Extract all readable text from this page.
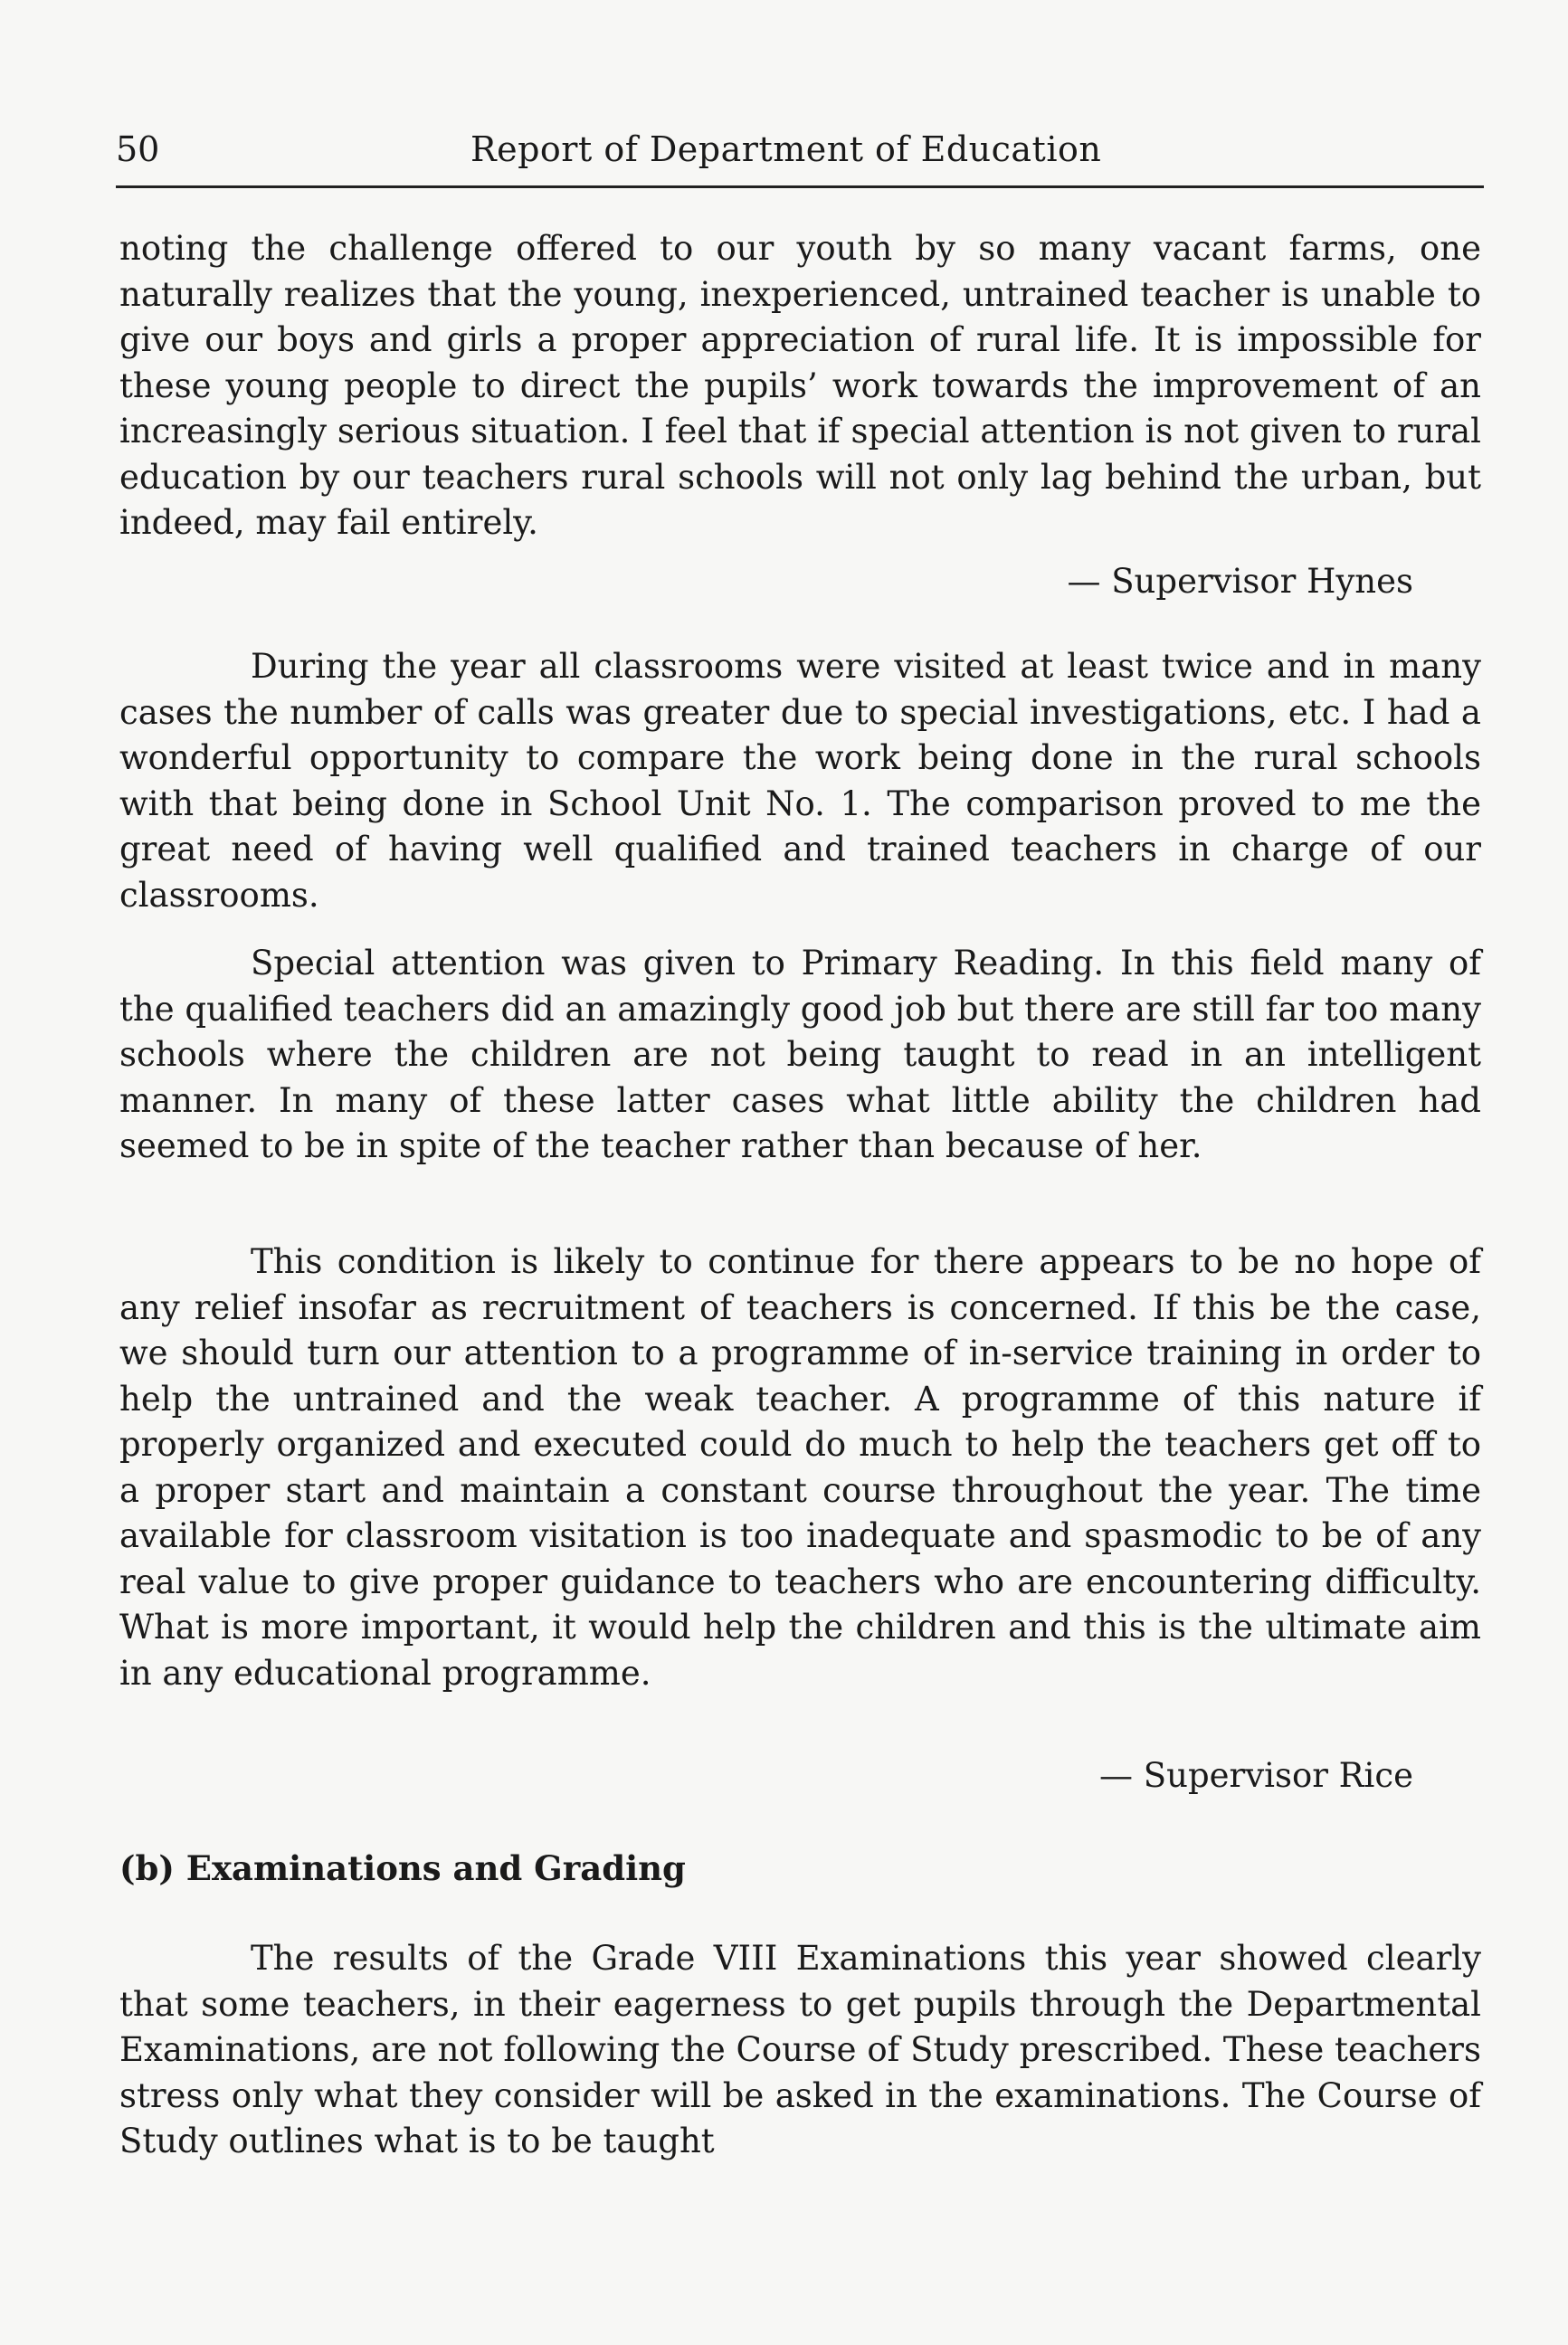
50	Report of Department of Education

noting the challenge offered to our youth by so many vacant farms, one naturally realizes that the young, inexperienced, untrained teacher is unable to give our boys and girls a proper appreciation of rural life. It is impossible for these young people to direct the pupils’ work towards the improvement of an increasingly serious situation. I feel that if special attention is not given to rural education by our teachers rural schools will not only lag behind the urban, but indeed, may fail entirely.

— Supervisor Hynes

During the year all classrooms were visited at least twice and in many cases the number of calls was greater due to special investigations, etc. I had a wonderful opportunity to compare the work being done in the rural schools with that being done in School Unit No. 1. The comparison proved to me the great need of having well qualified and trained teachers in charge of our classrooms.

Special attention was given to Primary Reading. In this field many of the qualified teachers did an amazingly good job but there are still far too many schools where the children are not being taught to read in an intelligent manner. In many of these latter cases what little ability the children had seemed to be in spite of the teacher rather than because of her.

This condition is likely to continue for there appears to be no hope of any relief insofar as recruitment of teachers is concerned. If this be the case, we should turn our attention to a programme of in-service training in order to help the untrained and the weak teacher. A programme of this nature if properly organized and executed could do much to help the teachers get off to a proper start and maintain a constant course throughout the year. The time available for classroom visitation is too inadequate and spasmodic to be of any real value to give proper guidance to teachers who are encountering difficulty. What is more important, it would help the children and this is the ultimate aim in any educational programme.

— Supervisor Rice
(b) Examinations and Grading

The results of the Grade VIII Examinations this year showed clearly that some teachers, in their eagerness to get pupils through the Departmental Examinations, are not following the Course of Study prescribed. These teachers stress only what they consider will be asked in the examinations. The Course of Study outlines what is to be taught
